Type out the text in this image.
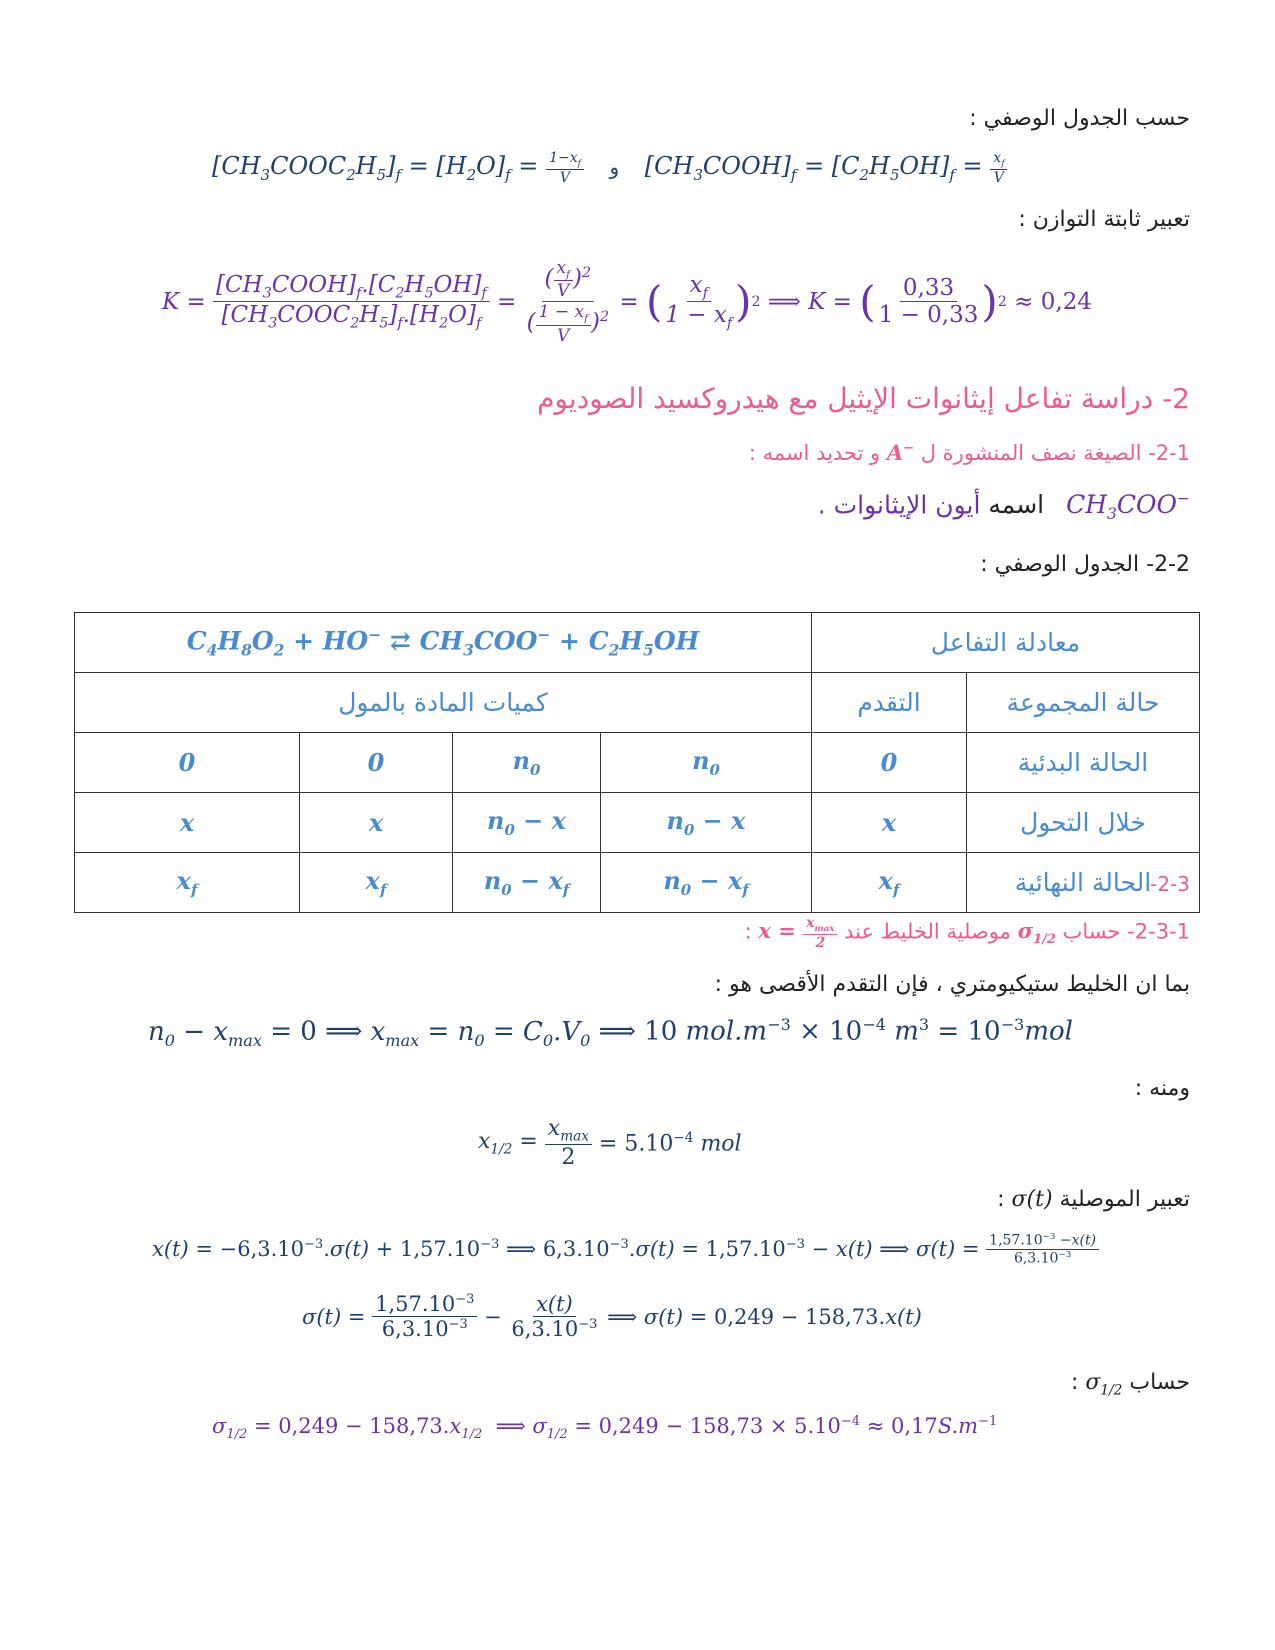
حسب الجدول الوصفي :
$[CH_3COOC_2H_5]_f = [H_2O]_f = \frac{1-x_f}{V}$ و $[CH_3COOH]_f = [C_2H_5OH]_f = \frac{x_f}{V}$
تعبير ثابتة التوازن :
$K = \frac{[CH_3COOH]_f.[C_2H_5OH]_f}{[CH_3COOC_2H_5]_f.[H_2O]_f} = \frac{( \frac{x_f}{V} )^2}{( \frac{1 - x_f}{V} )^2}$ = ( $\frac{x_f}{1 - x_f}$ ) 2 ⟹ K = ( $\frac{0,33}{1 - 0,33}$ ) 2 ≈ 0,24
2- دراسة تفاعل إيثانوات الإيثيل مع هيدروكسيد الصوديوم
2-1- الصيغة نصف المنشورة ل A− و تحديد اسمه :
$CH_3COO^-$ اسمه أيون الإيثانوات .
2-2- الجدول الوصفي :
$C_4H_8O_2 + HO^-$ ⇄ $CH_3COO^- + C_2H_5OH$				معادلة التفاعل	
كميات المادة بالمول				التقدم	حالة المجموعة
0	0	$n_0$	$n_0$	0	الحالة البدئية
x	x	$n_0 - x$	$n_0 - x$	x	خلال التحول
$x_f$	$x_f$	$n_0 - x_f$	$n_0 - x_f$	$x_f$	الحالة النهائية
2-3-
2-3-1- حساب $\sigma_{1/2}$ موصلية الخليط عند $x = \frac{x_{max}}{2}$
:
بما ان الخليط ستيكيومتري ، فإن التقدم الأقصى هو :
$n_0 - x_{max} = 0$ ⟹ $x_{max} = n_0 = C_0.V_0$ ⟹ 10 $mol.m^{-3} \times 10^{-4}$ $m^3 = 10^{-3}mol$
ومنه :
$x_{1/2} = \frac{x_{max}}{2} = 5.10^{-4}$ mol
تعبير الموصلية σ(t) :
$x(t) = -6,3.10^{-3}.\sigma(t) + 1,57.10^{-3}$ ⟹ $6,3.10^{-3}.\sigma(t) = 1,57.10^{-3} - x(t)$ ⟹ $\sigma(t) = \frac{1,57.10^{-3} -x(t)}{6,3.10^{-3}}$
$\sigma(t) = \frac{1,57.10^{-3}}{6,3.10^{-3}} - \frac{x(t)}{6,3.10^{-3}}$ ⟹ σ(t) = 0,249 − 158,73.x(t)
حساب $\sigma_{1/2}$ :
$\sigma_{1/2} = 0,249 - 158,73.x_{1/2}$  ⟹ $\sigma_{1/2} = 0,249 - 158,73 \times 5.10^{-4} \approx 0,17S.m^{-1}$
